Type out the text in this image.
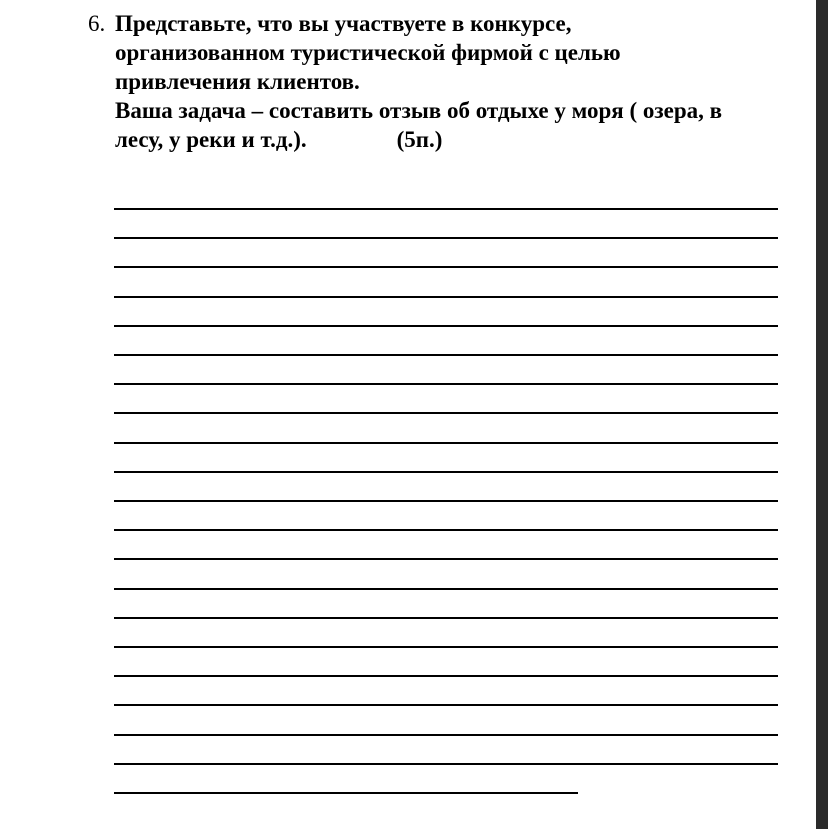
6. Представьте, что вы участвуете в конкурсе,
организованном туристической фирмой с целью
привлечения клиентов.
Ваша задача – составить отзыв об отдыхе у моря ( озера, в
лесу, у реки и т.д.).	(5п.)
